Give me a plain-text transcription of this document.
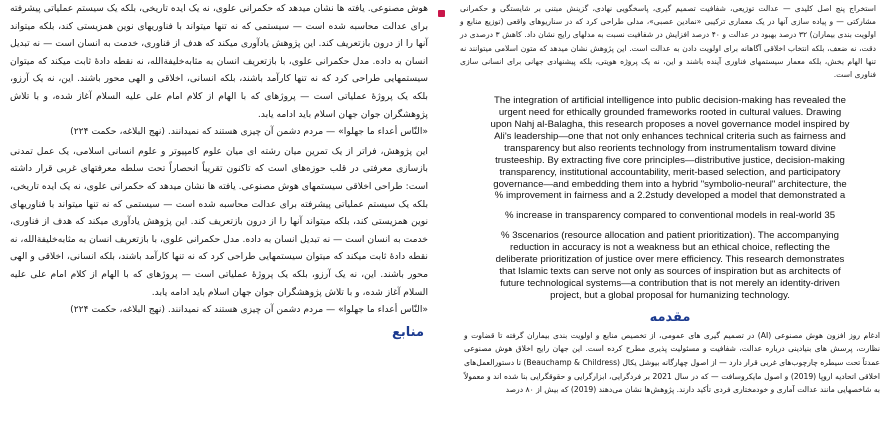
هوش مصنوعی. یافته ها نشان میدهد که حکمرانی علوی، نه یک ایده تاریخی، بلکه یک سیستم عملیاتی پیشرفته برای عدالت محاسبه شده است — سیستمی که نه تنها میتواند با فناوریهای نوین همزیستی کند، بلکه میتواند آنها را از درون بازتعریف کند. این پژوهش یادآوری میکند که هدف از فناوری، خدمت به انسان است — نه تبدیل انسان به داده. مدل حکمرانی علوی، با بازتعریف انسان به مثابه‌خلیفة‌الله، نه نقطه دادهٔ ثابت میکند که میتوان سیستمهایی طراحی کرد که نه تنها کارآمد باشند، بلکه انسانی، اخلاقی و الهی محور باشند. این، نه یک آرزو، بلکه یک پروژهٔ عملیاتی است — پروژهای که با الهام از کلام امام علی علیه السلام آغاز شده، و با تلاش پژوهشگران جوان جهان اسلام باید ادامه یابد.

«النّاس أعداء ما جهلوا» — مردم دشمن آن چیزی هستند که نمیدانند. (نهج البلاغه، حکمت ۲۲۴)

این پژوهش، فراتر از یک تمرین میان رشته ای میان علوم کامپیوتر و علوم انسانی اسلامی، یک عمل تمدنی بازسازی معرفتی در قلب حوزه‌های است که تاکنون تقریباً انحصاراً تحت سلطه معرفتهای غربی قرار داشته است: طراحی اخلاقی سیستمهای هوش مصنوعی. یافته ها نشان میدهد که حکمرانی علوی، نه یک ایده تاریخی، بلکه یک سیستم عملیاتی پیشرفته برای عدالت محاسبه شده است — سیستمی که نه تنها میتواند با فناوریهای نوین همزیستی کند، بلکه میتواند آنها را از درون بازتعریف کند. این پژوهش یادآوری میکند که هدف از فناوری، خدمت به انسان است — نه تبدیل انسان به داده. مدل حکمرانی علوی، با بازتعریف انسان به مثابه‌خلیفة‌الله، نه نقطه دادهٔ ثابت میکند که میتوان سیستمهایی طراحی کرد که نه تنها کارآمد باشند، بلکه انسانی، اخلاقی و الهی محور باشند. این، نه یک آرزو، بلکه یک پروژهٔ عملیاتی است — پروژهای که با الهام از کلام امام علی علیه السلام آغاز شده، و با تلاش پژوهشگران جوان جهان اسلام باید ادامه یابد.

«النّاس أعداء ما جهلوا» — مردم دشمن آن چیزی هستند که نمیدانند. (نهج البلاغه، حکمت ۲۲۴)

منابع

استخراج پنج اصل کلیدی — عدالت توزیعی، شفافیت تصمیم گیری، پاسخگویی نهادی، گزینش مبتنی بر شایستگی و حکمرانی مشارکتی — و پیاده سازی آنها در یک معماری ترکیبی «نمادین عصبی»، مدلی طراحی کرد که در سناریوهای واقعی (توزیع منابع و اولویت بندی بیماران) ۳۲ درصد بهبود در عدالت و ۴۰ درصد افزایش در شفافیت نسبت به مدلهای رایج نشان داد. کاهش ۳ درصدی در دقت، نه ضعف، بلکه انتخاب اخلاقی آگاهانه برای اولویت دادن به عدالت است. این پژوهش نشان میدهد که متون اسلامی میتوانند نه تنها الهام بخش، بلکه معمار سیستمهای فناوری آینده باشند و این، نه یک پروژه هویتی، بلکه پیشنهادی جهانی برای انسانی سازی فناوری است.

The integration of artificial intelligence into public decision-making has revealed the
urgent need for ethically grounded frameworks rooted in cultural values. Drawing
upon Nahj al-Balagha, this research proposes a novel governance model inspired by
Ali's leadership—one that not only enhances technical criteria such as fairness and
transparency but also reorients technology from instrumentalism toward divine
trusteeship. By extracting five core principles—distributive justice, decision-making
transparency, institutional accountability, merit-based selection, and participatory
governance—and embedding them into a hybrid "symbolio-neural" architecture, the
% improvement in fairness and a 2.2study developed a model that demonstrated a
% increase in transparency compared to conventional models in real-world 35
% 3scenarios (resource allocation and patient prioritization). The accompanying
reduction in accuracy is not a weakness but an ethical choice, reflecting the
deliberate prioritization of justice over mere efficiency. This research demonstrates
that Islamic texts can serve not only as sources of inspiration but as architects of
future technological systems—a contribution that is not merely an identity-driven
project, but a global proposal for humanizing technology.
مقدمه

ادغام روز افزون هوش مصنوعی (AI) در تصمیم گیری های عمومی، از تخصیص منابع و اولویت بندی بیماران گرفته تا قضاوت و نظارت، پرسش های بنیادینی درباره عدالت، شفافیت و مسئولیت پذیری مطرح کرده است. این جهان رایج اخلاق هوش مصنوعی عمدتاً تحت سیطره چارچوب‌های غربی قرار دارد — از اصول چهارگانه بیوشل یکال (Beauchamp & Childress) تا دستورالعمل‌های اخلاقی اتحادیه اروپا (2019) و اصول مایکروسافت — که در سال 2021 بر فردگرایی، ابزارگرایی و حقوقگرایی بنا شده اند و معمولاً به شاخصهایی مانند عدالت آماری و خودمختاری فردی تأکید دارند. پژوهش‌ها نشان می‌دهند (2019) که بیش از ۸۰ درصد
